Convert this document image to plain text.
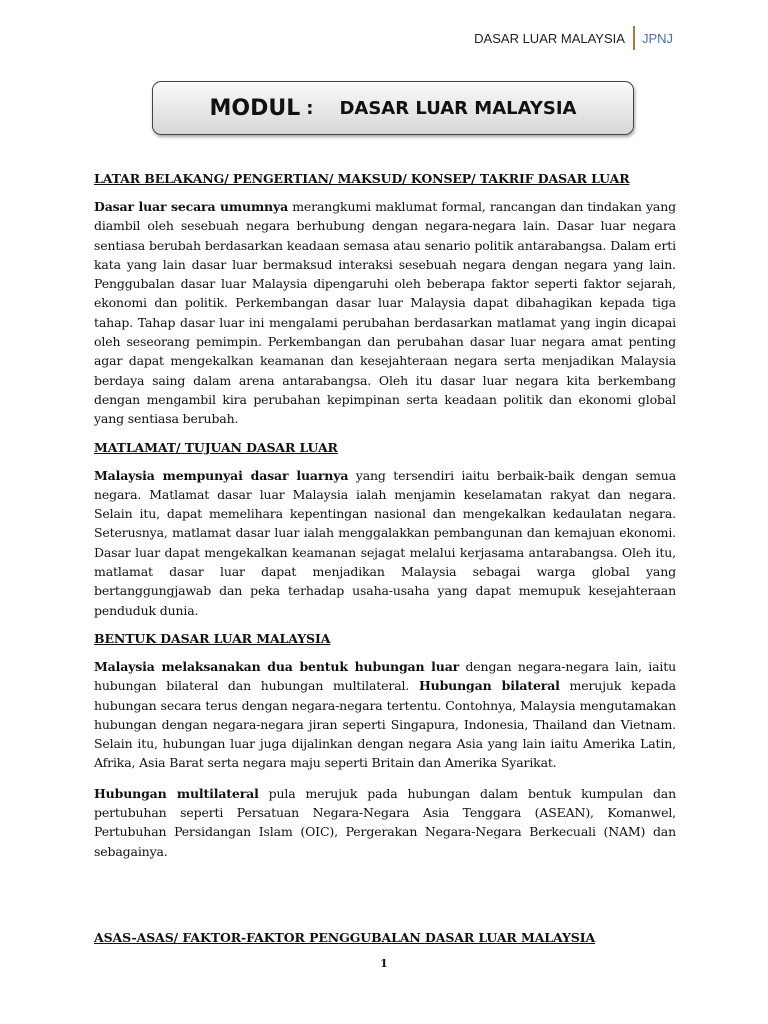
DASAR LUAR MALAYSIA JPNJ
MODUL : DASAR LUAR MALAYSIA
LATAR BELAKANG/ PENGERTIAN/ MAKSUD/ KONSEP/ TAKRIF DASAR LUAR

Dasar luar secara umumnya merangkumi maklumat formal, rancangan dan tindakan yang diambil oleh sesebuah negara berhubung dengan negara-negara lain. Dasar luar negara sentiasa berubah berdasarkan keadaan semasa atau senario politik antarabangsa. Dalam erti kata yang lain dasar luar bermaksud interaksi sesebuah negara dengan negara yang lain. Penggubalan dasar luar Malaysia dipengaruhi oleh beberapa faktor seperti faktor sejarah, ekonomi dan politik. Perkembangan dasar luar Malaysia dapat dibahagikan kepada tiga tahap. Tahap dasar luar ini mengalami perubahan berdasarkan matlamat yang ingin dicapai oleh seseorang pemimpin. Perkembangan dan perubahan dasar luar negara amat penting agar dapat mengekalkan keamanan dan kesejahteraan negara serta menjadikan Malaysia berdaya saing dalam arena antarabangsa. Oleh itu dasar luar negara kita berkembang dengan mengambil kira perubahan kepimpinan serta keadaan politik dan ekonomi global yang sentiasa berubah.

MATLAMAT/ TUJUAN DASAR LUAR

Malaysia mempunyai dasar luarnya yang tersendiri iaitu berbaik-baik dengan semua negara. Matlamat dasar luar Malaysia ialah menjamin keselamatan rakyat dan negara. Selain itu, dapat memelihara kepentingan nasional dan mengekalkan kedaulatan negara. Seterusnya, matlamat dasar luar ialah menggalakkan pembangunan dan kemajuan ekonomi. Dasar luar dapat mengekalkan keamanan sejagat melalui kerjasama antarabangsa. Oleh itu, matlamat dasar luar dapat menjadikan Malaysia sebagai warga global yang bertanggungjawab dan peka terhadap usaha-usaha yang dapat memupuk kesejahteraan penduduk dunia.

BENTUK DASAR LUAR MALAYSIA

Malaysia melaksanakan dua bentuk hubungan luar dengan negara-negara lain, iaitu hubungan bilateral dan hubungan multilateral. Hubungan bilateral merujuk kepada hubungan secara terus dengan negara-negara tertentu. Contohnya, Malaysia mengutamakan hubungan dengan negara-negara jiran seperti Singapura, Indonesia, Thailand dan Vietnam. Selain itu, hubungan luar juga dijalinkan dengan negara Asia yang lain iaitu Amerika Latin, Afrika, Asia Barat serta negara maju seperti Britain dan Amerika Syarikat.

Hubungan multilateral pula merujuk pada hubungan dalam bentuk kumpulan dan pertubuhan seperti Persatuan Negara-Negara Asia Tenggara (ASEAN), Komanwel, Pertubuhan Persidangan Islam (OIC), Pergerakan Negara-Negara Berkecuali (NAM) dan sebagainya.

ASAS-ASAS/ FAKTOR-FAKTOR PENGGUBALAN DASAR LUAR MALAYSIA
1
